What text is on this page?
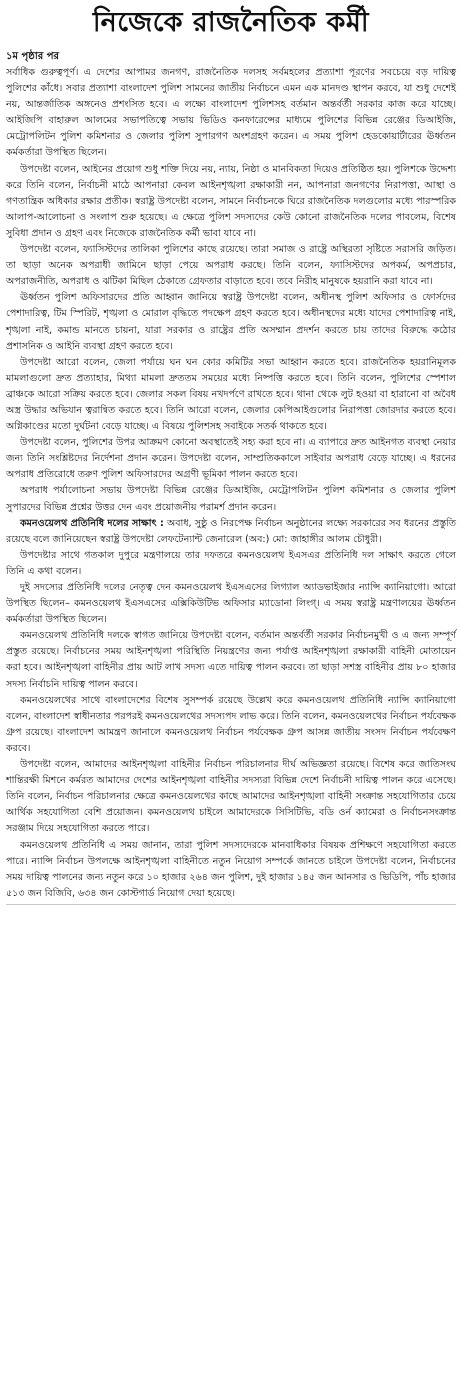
নিজেকে রাজনৈতিক কর্মী
১ম পৃষ্ঠার পর

সর্বাধিক গুরুত্বপূর্ণ। এ দেশের আপামর জনগণ, রাজনৈতিক দলসহ সর্বমহলের প্রত্যাশা পূরণের সবচেয়ে বড় দায়িত্ব পুলিশের কাঁধে। সবার প্রত্যাশা বাংলাদেশ পুলিশ সামনের জাতীয় নির্বাচনে এমন এক মানদণ্ড স্থাপন করবে, যা শুধু দেশেই নয়, আন্তর্জাতিক অঙ্গনেও প্রশংসিত হবে। এ লক্ষ্যে বাংলাদেশ পুলিশসহ বর্তমান অন্তর্বর্তী সরকার কাজ করে যাচ্ছে। আইজিপি বাহারুল আলমের সভাপতিত্বে সভায় ভিডিও কনফারেন্সের মাধ্যমে পুলিশের বিভিন্ন রেঞ্জের ডিআইজি, মেট্রোপলিটন পুলিশ কমিশনার ও জেলার পুলিশ সুপারগণ অংশগ্রহণ করেন। এ সময় পুলিশ হেডকোয়ার্টারের ঊর্ধ্বতন কর্মকর্তারা উপস্থিত ছিলেন।

উপদেষ্টা বলেন, আইনের প্রয়োগ শুধু শক্তি দিয়ে নয়, ন্যায়, নিষ্ঠা ও মানবিকতা দিয়েও প্রতিষ্ঠিত হয়। পুলিশকে উদ্দেশ্য করে তিনি বলেন, নির্বাচনী মাঠে আপনারা কেবল আইনশৃঙ্খলা রক্ষাকারী নন, আপনারা জনগণের নিরাপত্তা, আস্থা ও গণতান্ত্রিক অধিকার রক্ষার প্রতীক। স্বরাষ্ট্র উপদেষ্টা বলেন, সামনে নির্বাচনকে ঘিরে রাজনৈতিক দলগুলোর মধ্যে পারস্পরিক আলাপ-আলোচনা ও সংলাপ শুরু হয়েছে। এ ক্ষেত্রে পুলিশ সদস্যদের কেউ কোনো রাজনৈতিক দলের পাবলেম, বিশেষ সুবিধা প্রদান ও গ্রহণ এবং নিজেকে রাজনৈতিক কর্মী ভাবা যাবে না।

উপদেষ্টা বলেন, ফ্যাসিস্টদের তালিকা পুলিশের কাছে রয়েছে। তারা সমাজ ও রাষ্ট্রে অস্থিরতা সৃষ্টিতে সরাসরি জড়িত। তা ছাড়া অনেক অপরাধী জামিনে ছাড়া পেয়ে অপরাধ করছে। তিনি বলেন, ফ্যাসিস্টদের অপকর্ম, অপপ্রচার, অপরাজনীতি, অপরাধ ও ঝটিকা মিছিল ঠেকাতে গ্রেফতার বাড়াতে হবে। তবে নিরীহ মানুষকে হয়রানি করা যাবে না।

ঊর্ধ্বতন পুলিশ অফিসারদের প্রতি আহ্বান জানিয়ে স্বরাষ্ট্র উপদেষ্টা বলেন, অধীনস্থ পুলিশ অফিসার ও ফোর্সদের পেশাদারিত্ব, টিম স্পিরিট, শৃঙ্খলা ও মোরাল বৃদ্ধিতে পদক্ষেপ গ্রহণ করতে হবে। অধীনস্থদের মধ্যে যাদের পেশাদারিত্ব নাই, শৃঙ্খলা নাই, কমান্ড মানতে চায়না, যারা সরকার ও রাষ্ট্রের প্রতি অসম্মান প্রদর্শন করতে চায় তাদের বিরুদ্ধে কঠোর প্রশাসনিক ও আইনি ব্যবস্থা গ্রহণ করতে হবে।

উপদেষ্টা আরো বলেন, জেলা পর্যায়ে ঘন ঘন কোর কমিটির সভা আহ্বান করতে হবে। রাজনৈতিক হয়রানিমূলক মামলাগুলো দ্রুত প্রত্যাহার, মিথ্যা মামলা দ্রুততম সময়ের মধ্যে নিষ্পত্তি করতে হবে। তিনি বলেন, পুলিশের স্পেশাল ব্রাঞ্চকে আরো সক্রিয় করতে হবে। জেলার সকল বিষয় নখদর্পণে রাখতে হবে। থানা থেকে লুট হওয়া বা হারানো বা অবৈধ অস্ত্র উদ্ধার অভিযান ত্বরান্বিত করতে হবে। তিনি আরো বলেন, জেলার কেপিআইগুলোর নিরাপত্তা জোরদার করতে হবে। অগ্নিকাণ্ডের মতো দুর্ঘটনা বেড়ে যাচ্ছে। এ বিষয়ে পুলিশসহ সবাইকে সতর্ক থাকতে হবে।

উপদেষ্টা বলেন, পুলিশের উপর আক্রমণ কোনো অবস্থাতেই সহ্য করা হবে না। এ ব্যাপারে দ্রুত আইনগত ব্যবস্থা নেয়ার জন্য তিনি সংশ্লিষ্টদের নির্দেশনা প্রদান করেন। উপদেষ্টা বলেন, সাম্প্রতিককালে সাইবার অপরাধ বেড়ে যাচ্ছে। এ ধরনের অপরাধ প্রতিরোধে তরুণ পুলিশ অফিসারদের অগ্রণী ভূমিকা পালন করতে হবে।

অপরাধ পর্যালোচনা সভায় উপদেষ্টা বিভিন্ন রেঞ্জের ডিআইজি, মেট্রোপলিটন পুলিশ কমিশনার ও জেলার পুলিশ সুপারদের বিভিন্ন প্রশ্নের উত্তর দেন এবং প্রয়োজনীয় পরামর্শ প্রদান করেন।

কমনওয়েলথ প্রতিনিধি দলের সাক্ষাৎ : অবাধ, সুষ্ঠু ও নিরপেক্ষ নির্বাচন অনুষ্ঠানের লক্ষ্যে সরকারের সব ধরনের প্রস্তুতি রয়েছে বলে জানিয়েছেন স্বরাষ্ট্র উপদেষ্টা লেফটেন্যান্ট জেনারেল (অব:) মো: জাহাঙ্গীর আলম চৌধুরী।

উপদেষ্টার সাথে গতকাল দুপুরে মন্ত্রণালয়ে তার দফতরে কমনওয়েলথ ইএসএর প্রতিনিধি দল সাক্ষাৎ করতে গেলে তিনি এ কথা বলেন।

দুই সদস্যের প্রতিনিধি দলের নেতৃত্ব দেন কমনওয়েলথ ইএসএসের লিগ্যাল অ্যাডভাইজার ন্যান্সি ক্যানিয়াগো। আরো উপস্থিত ছিলেন– কমনওয়েলথ ইএসএসের এক্সিকিউটিভ অফিসার ম্যাডোনা লিংগ্। এ সময় স্বরাষ্ট্র মন্ত্রণালয়ের ঊর্ধ্বতন কর্মকর্তারা উপস্থিত ছিলেন।

কমনওয়েলথ প্রতিনিধি দলকে স্বাগত জানিয়ে উপদেষ্টা বলেন, বর্তমান অন্তর্বর্তী সরকার নির্বাচনমুখী ও এ জন্য সম্পূর্ণ প্রস্তুত রয়েছে। নির্বাচনের সময় আইনশৃঙ্খলা পরিস্থিতি নিয়ন্ত্রণের জন্য পর্যাপ্ত আইনশৃঙ্খলা রক্ষাকারী বাহিনী মোতায়েন করা হবে। আইনশৃঙ্খলা বাহিনীর প্রায় আট লাখ সদস্য এতে দায়িত্ব পালন করবে। তা ছাড়া সশস্ত্র বাহিনীর প্রায় ৮০ হাজার সদস্য নির্বাচনি দায়িত্ব পালন করবে।

কমনওয়েলথের সাথে বাংলাদেশের বিশেষ সুসম্পর্ক রয়েছে উল্লেখ করে কমনওয়েলথ প্রতিনিধি ন্যান্সি ক্যানিয়াগো বলেন, বাংলাদেশ স্বাধীনতার পরপরই কমনওয়েলথের সদস্যপদ লাভ করে। তিনি বলেন, কমনওয়েলথের নির্বাচন পর্যবেক্ষক গ্রুপ রয়েছে। বাংলাদেশ আমন্ত্রণ জানালে কমনওয়েলথ নির্বাচন পর্যবেক্ষক গ্রুপ আসন্ন জাতীয় সংসদ নির্বাচন পর্যবেক্ষণ করবে।

উপদেষ্টা বলেন, আমাদের আইনশৃঙ্খলা বাহিনীর নির্বাচন পরিচালনার দীর্ঘ অভিজ্ঞতা রয়েছে। বিশেষ করে জাতিসংঘ শান্তিরক্ষী মিশনে কর্মরত আমাদের দেশের আইনশৃঙ্খলা বাহিনীর সদস্যরা বিভিন্ন দেশে নির্বাচনী দায়িত্ব পালন করে এসেছে। তিনি বলেন, নির্বাচন পরিচালনার ক্ষেত্রে কমনওয়েলথের কাছে আমাদের আইনশৃঙ্খলা বাহিনী সংক্রান্ত সহযোগিতার চেয়ে আর্থিক সহযোগিতা বেশি প্রয়োজন। কমনওয়েলথ চাইলে আমাদেরকে সিসিটিভি, বডি ওর্ন ক্যামেরা ও নির্বাচনসংক্রান্ত সরঞ্জাম দিয়ে সহযোগিতা করতে পারে।

কমনওয়েলথ প্রতিনিধি এ সময় জানান, তারা পুলিশ সদস্যদেরকে মানবাধিকার বিষয়ক প্রশিক্ষণে সহযোগিতা করতে পারে। ন্যান্সি নির্বাচন উপলক্ষে আইনশৃঙ্খলা বাহিনীতে নতুন নিয়োগ সম্পর্কে জানতে চাইলে উপদেষ্টা বলেন, নির্বাচনের সময় দায়িত্ব পালনের জন্য নতুন করে ১০ হাজার ২৬৪ জন পুলিশ, দুই হাজার ১৪৫ জন আনসার ও ভিডিপি, পাঁচ হাজার ৫১৩ জন বিজিবি, ৬৩৪ জন কোস্টগার্ড নিয়োগ দেয়া হয়েছে।
